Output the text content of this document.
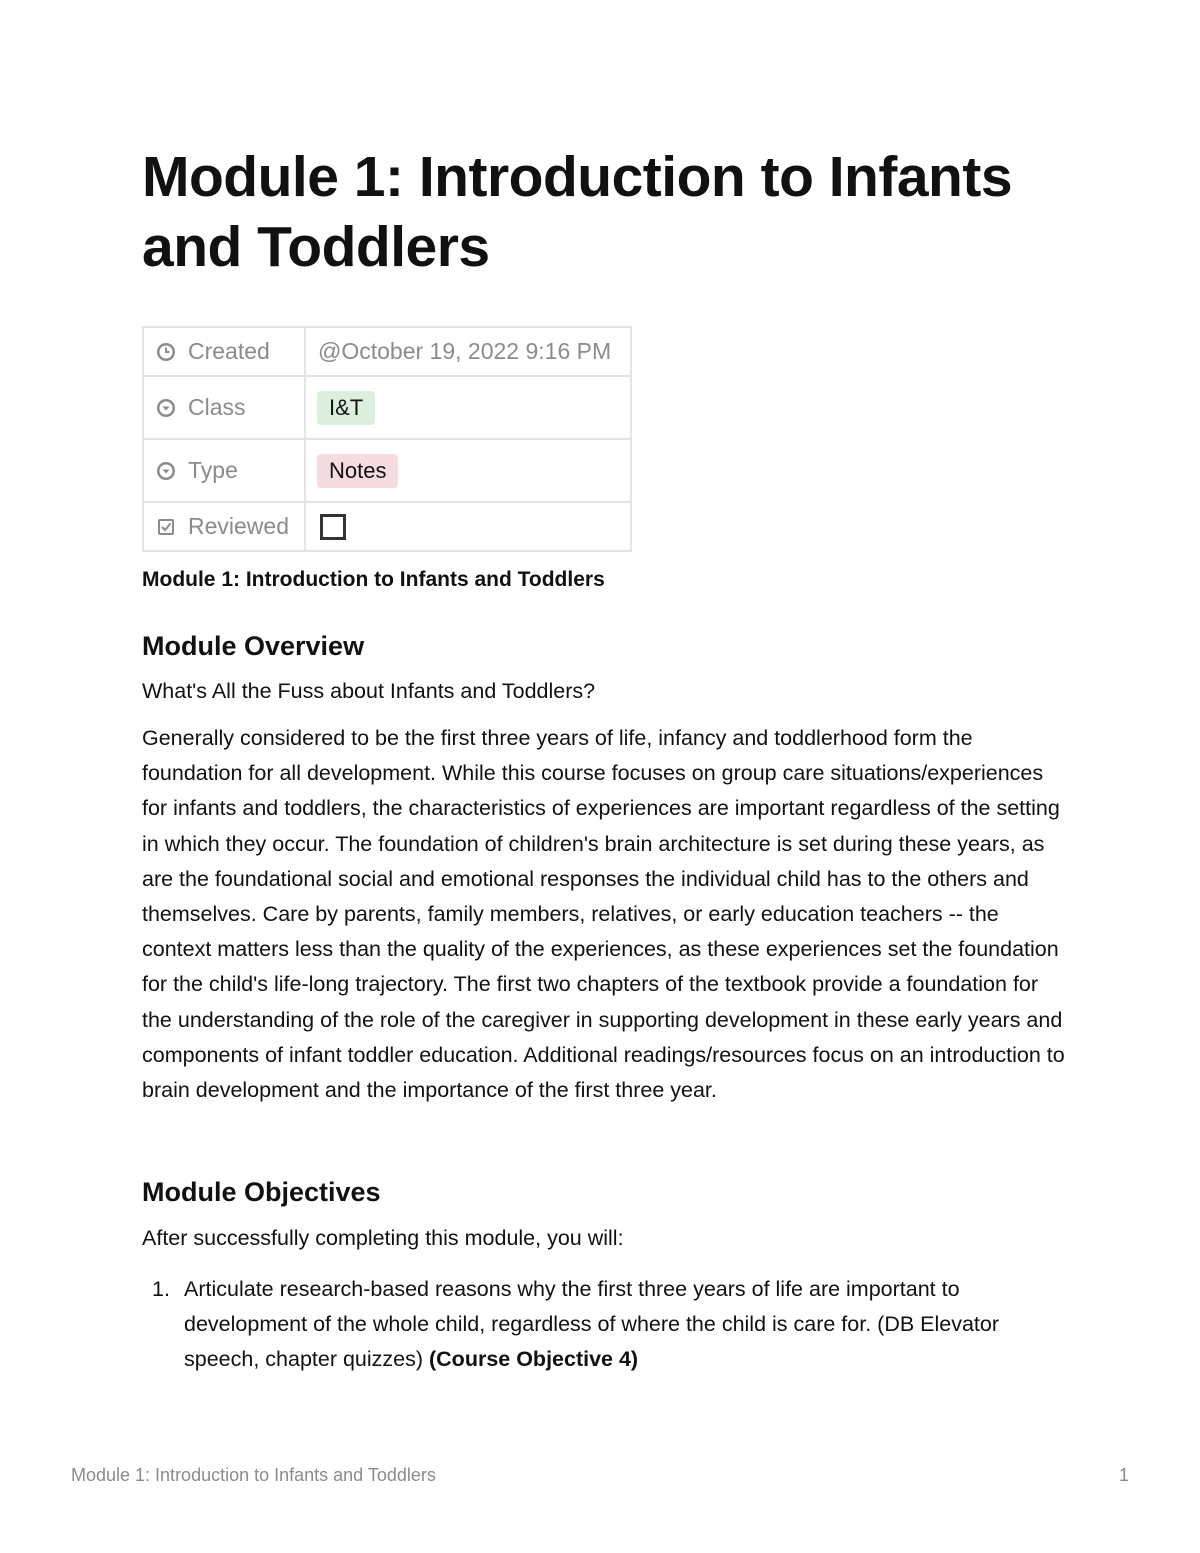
Module 1: Introduction to Infants and Toddlers
Created	@October 19, 2022 9:16 PM

Class	I&T

Type	Notes

Reviewed	

Module 1: Introduction to Infants and Toddlers

Module Overview

What's All the Fuss about Infants and Toddlers?

Generally considered to be the first three years of life, infancy and toddlerhood form the foundation for all development. While this course focuses on group care situations/experiences for infants and toddlers, the characteristics of experiences are important regardless of the setting in which they occur. The foundation of children's brain architecture is set during these years, as are the foundational social and emotional responses the individual child has to the others and themselves. Care by parents, family members, relatives, or early education teachers -- the context matters less than the quality of the experiences, as these experiences set the foundation for the child's life-long trajectory. The first two chapters of the textbook provide a foundation for the understanding of the role of the caregiver in supporting development in these early years and components of infant toddler education. Additional readings/resources focus on an introduction to brain development and the importance of the first three year.

Module Objectives

After successfully completing this module, you will:

1. Articulate research-based reasons why the first three years of life are important to development of the whole child, regardless of where the child is care for. (DB Elevator speech, chapter quizzes) (Course Objective 4)
Module 1: Introduction to Infants and Toddlers	1
